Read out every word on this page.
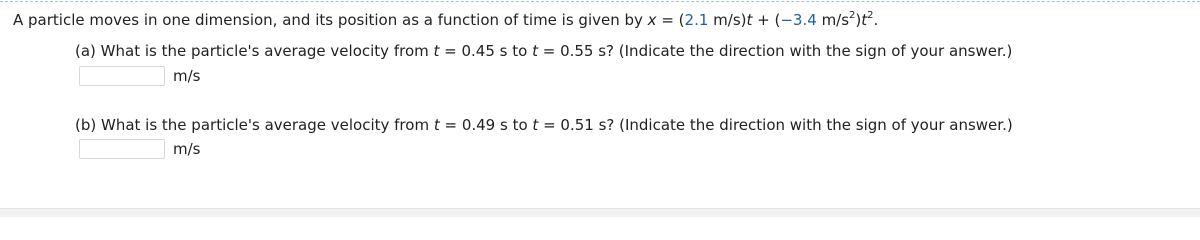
A particle moves in one dimension, and its position as a function of time is given by x = (2.1 m/s)t + (−3.4 $m/s^2)t^2$.
(a) What is the particle's average velocity from t = 0.45 s to t = 0.55 s? (Indicate the direction with the sign of your answer.)
m/s
(b) What is the particle's average velocity from t = 0.49 s to t = 0.51 s? (Indicate the direction with the sign of your answer.)
m/s
